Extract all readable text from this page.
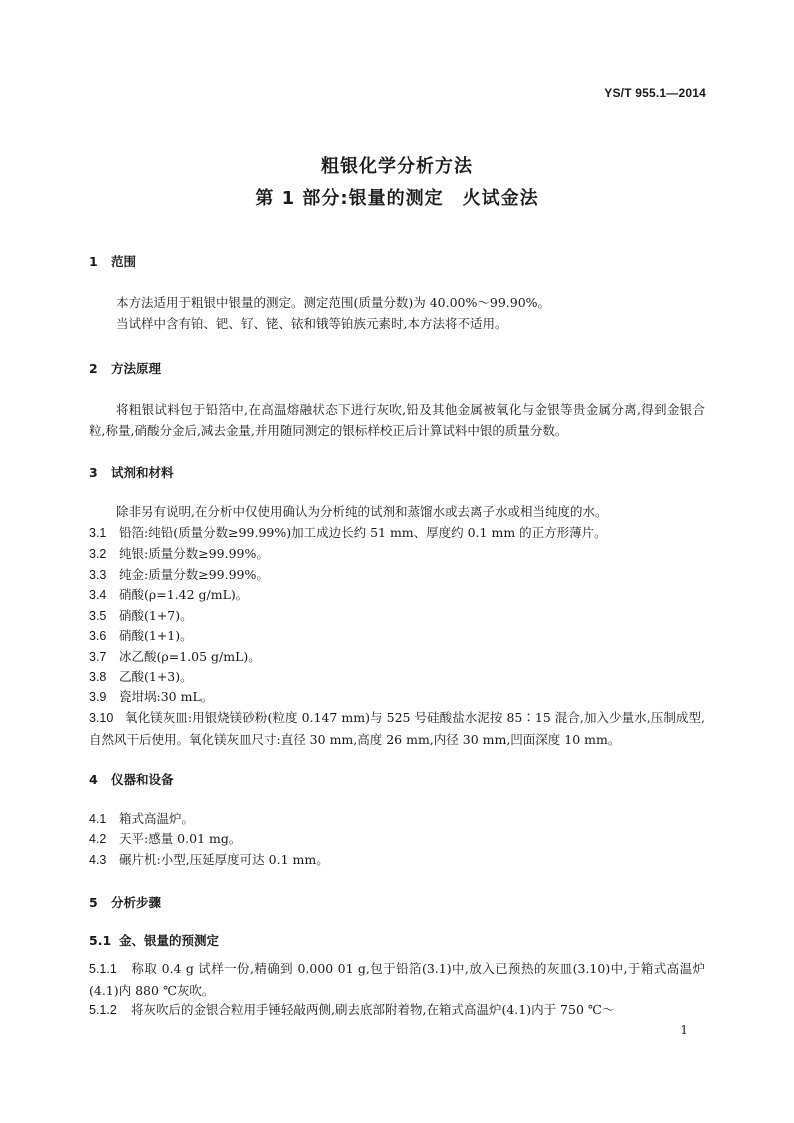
YS/T 955.1—2014
粗银化学分析方法
第 1 部分:银量的测定　火试金法
1 范围
本方法适用于粗银中银量的测定。测定范围(质量分数)为 40.00%～99.90%。
当试样中含有铂、钯、钌、铑、铱和锇等铂族元素时,本方法将不适用。
2 方法原理
将粗银试料包于铅箔中,在高温熔融状态下进行灰吹,铅及其他金属被氧化与金银等贵金属分离,得到金银合粒,称量,硝酸分金后,减去金量,并用随同测定的银标样校正后计算试料中银的质量分数。
3 试剂和材料
除非另有说明,在分析中仅使用确认为分析纯的试剂和蒸馏水或去离子水或相当纯度的水。
3.1 铅箔:纯铅(质量分数≥99.99%)加工成边长约 51 mm、厚度约 0.1 mm 的正方形薄片。
3.2 纯银:质量分数≥99.99%。
3.3 纯金:质量分数≥99.99%。
3.4 硝酸(ρ=1.42 g/mL)。
3.5 硝酸(1+7)。
3.6 硝酸(1+1)。
3.7 冰乙酸(ρ=1.05 g/mL)。
3.8 乙酸(1+3)。
3.9 瓷坩埚:30 mL。
3.10 氧化镁灰皿:用银烧镁砂粉(粒度 0.147 mm)与 525 号硅酸盐水泥按 85∶15 混合,加入少量水,压制成型,自然风干后使用。氧化镁灰皿尺寸:直径 30 mm,高度 26 mm,内径 30 mm,凹面深度 10 mm。
4 仪器和设备
4.1 箱式高温炉。
4.2 天平:感量 0.01 mg。
4.3 碾片机:小型,压延厚度可达 0.1 mm。
5 分析步骤
5.1 金、银量的预测定
5.1.1 称取 0.4 g 试样一份,精确到 0.000 01 g,包于铅箔(3.1)中,放入已预热的灰皿(3.10)中,于箱式高温炉(4.1)内 880 ℃灰吹。
5.1.2 将灰吹后的金银合粒用手锤轻敲两侧,刷去底部附着物,在箱式高温炉(4.1)内于 750 ℃～
1
